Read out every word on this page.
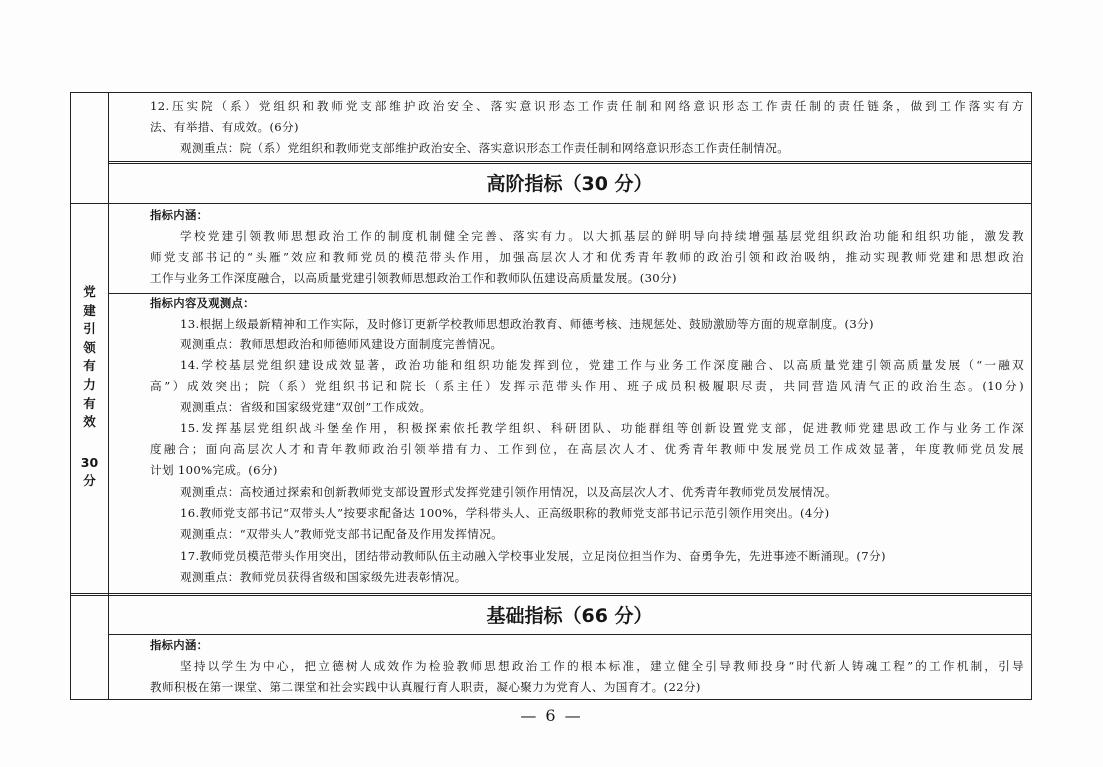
12.压实院（系）党组织和教师党支部维护政治安全、落实意识形态工作责任制和网络意识形态工作责任制的责任链条，做到工作落实有方
法、有举措、有成效。(6分)
观测重点：院（系）党组织和教师党支部维护政治安全、落实意识形态工作责任制和网络意识形态工作责任制情况。
高阶指标（30 分）
党
建
引
领
有
力
有
效
30
分
指标内涵：
学校党建引领教师思想政治工作的制度机制健全完善、落实有力。以大抓基层的鲜明导向持续增强基层党组织政治功能和组织功能，激发教
师党支部书记的“头雁”效应和教师党员的模范带头作用，加强高层次人才和优秀青年教师的政治引领和政治吸纳，推动实现教师党建和思想政治
工作与业务工作深度融合，以高质量党建引领教师思想政治工作和教师队伍建设高质量发展。(30分)
指标内容及观测点：
13.根据上级最新精神和工作实际，及时修订更新学校教师思想政治教育、师德考核、违规惩处、鼓励激励等方面的规章制度。(3分)
观测重点：教师思想政治和师德师风建设方面制度完善情况。
14.学校基层党组织建设成效显著，政治功能和组织功能发挥到位，党建工作与业务工作深度融合、以高质量党建引领高质量发展（“一融双
高”）成效突出；院（系）党组织书记和院长（系主任）发挥示范带头作用、班子成员积极履职尽责，共同营造风清气正的政治生态。(10分)
观测重点：省级和国家级党建“双创”工作成效。
15.发挥基层党组织战斗堡垒作用，积极探索依托教学组织、科研团队、功能群组等创新设置党支部，促进教师党建思政工作与业务工作深
度融合；面向高层次人才和青年教师政治引领举措有力、工作到位，在高层次人才、优秀青年教师中发展党员工作成效显著，年度教师党员发展
计划 100%完成。(6分)
观测重点：高校通过探索和创新教师党支部设置形式发挥党建引领作用情况，以及高层次人才、优秀青年教师党员发展情况。
16.教师党支部书记“双带头人”按要求配备达 100%，学科带头人、正高级职称的教师党支部书记示范引领作用突出。(4分)
观测重点：“双带头人”教师党支部书记配备及作用发挥情况。
17.教师党员模范带头作用突出，团结带动教师队伍主动融入学校事业发展，立足岗位担当作为、奋勇争先，先进事迹不断涌现。(7分)
观测重点：教师党员获得省级和国家级先进表彰情况。
基础指标（66 分）
指标内涵：
坚持以学生为中心，把立德树人成效作为检验教师思想政治工作的根本标准，建立健全引导教师投身“时代新人铸魂工程”的工作机制，引导
教师积极在第一课堂、第二课堂和社会实践中认真履行育人职责，凝心聚力为党育人、为国育才。(22分)
— 6 —
